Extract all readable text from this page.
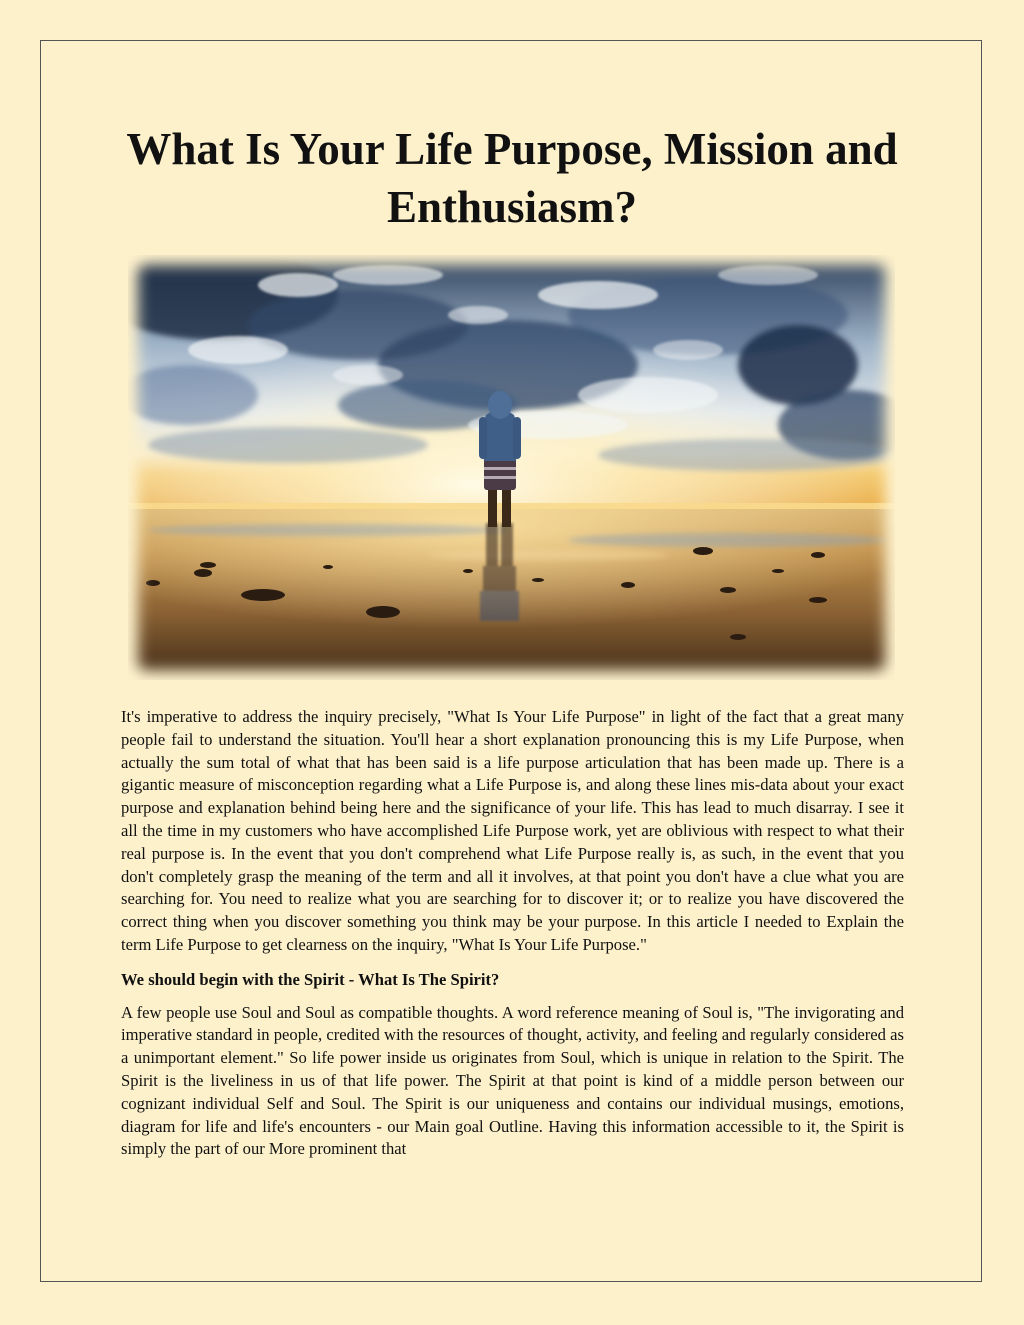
What Is Your Life Purpose, Mission and Enthusiasm?

It's imperative to address the inquiry precisely, "What Is Your Life Purpose" in light of the fact that a great many people fail to understand the situation. You'll hear a short explanation pronouncing this is my Life Purpose, when actually the sum total of what that has been said is a life purpose articulation that has been made up. There is a gigantic measure of misconception regarding what a Life Purpose is, and along these lines mis-data about your exact purpose and explanation behind being here and the significance of your life. This has lead to much disarray. I see it all the time in my customers who have accomplished Life Purpose work, yet are oblivious with respect to what their real purpose is. In the event that you don't comprehend what Life Purpose really is, as such, in the event that you don't completely grasp the meaning of the term and all it involves, at that point you don't have a clue what you are searching for. You need to realize what you are searching for to discover it; or to realize you have discovered the correct thing when you discover something you think may be your purpose. In this article I needed to Explain the term Life Purpose to get clearness on the inquiry, "What Is Your Life Purpose."

We should begin with the Spirit - What Is The Spirit?

A few people use Soul and Soul as compatible thoughts. A word reference meaning of Soul is, "The invigorating and imperative standard in people, credited with the resources of thought, activity, and feeling and regularly considered as a unimportant element." So life power inside us originates from Soul, which is unique in relation to the Spirit. The Spirit is the liveliness in us of that life power. The Spirit at that point is kind of a middle person between our cognizant individual Self and Soul. The Spirit is our uniqueness and contains our individual musings, emotions, diagram for life and life's encounters - our Main goal Outline. Having this information accessible to it, the Spirit is simply the part of our More prominent that
